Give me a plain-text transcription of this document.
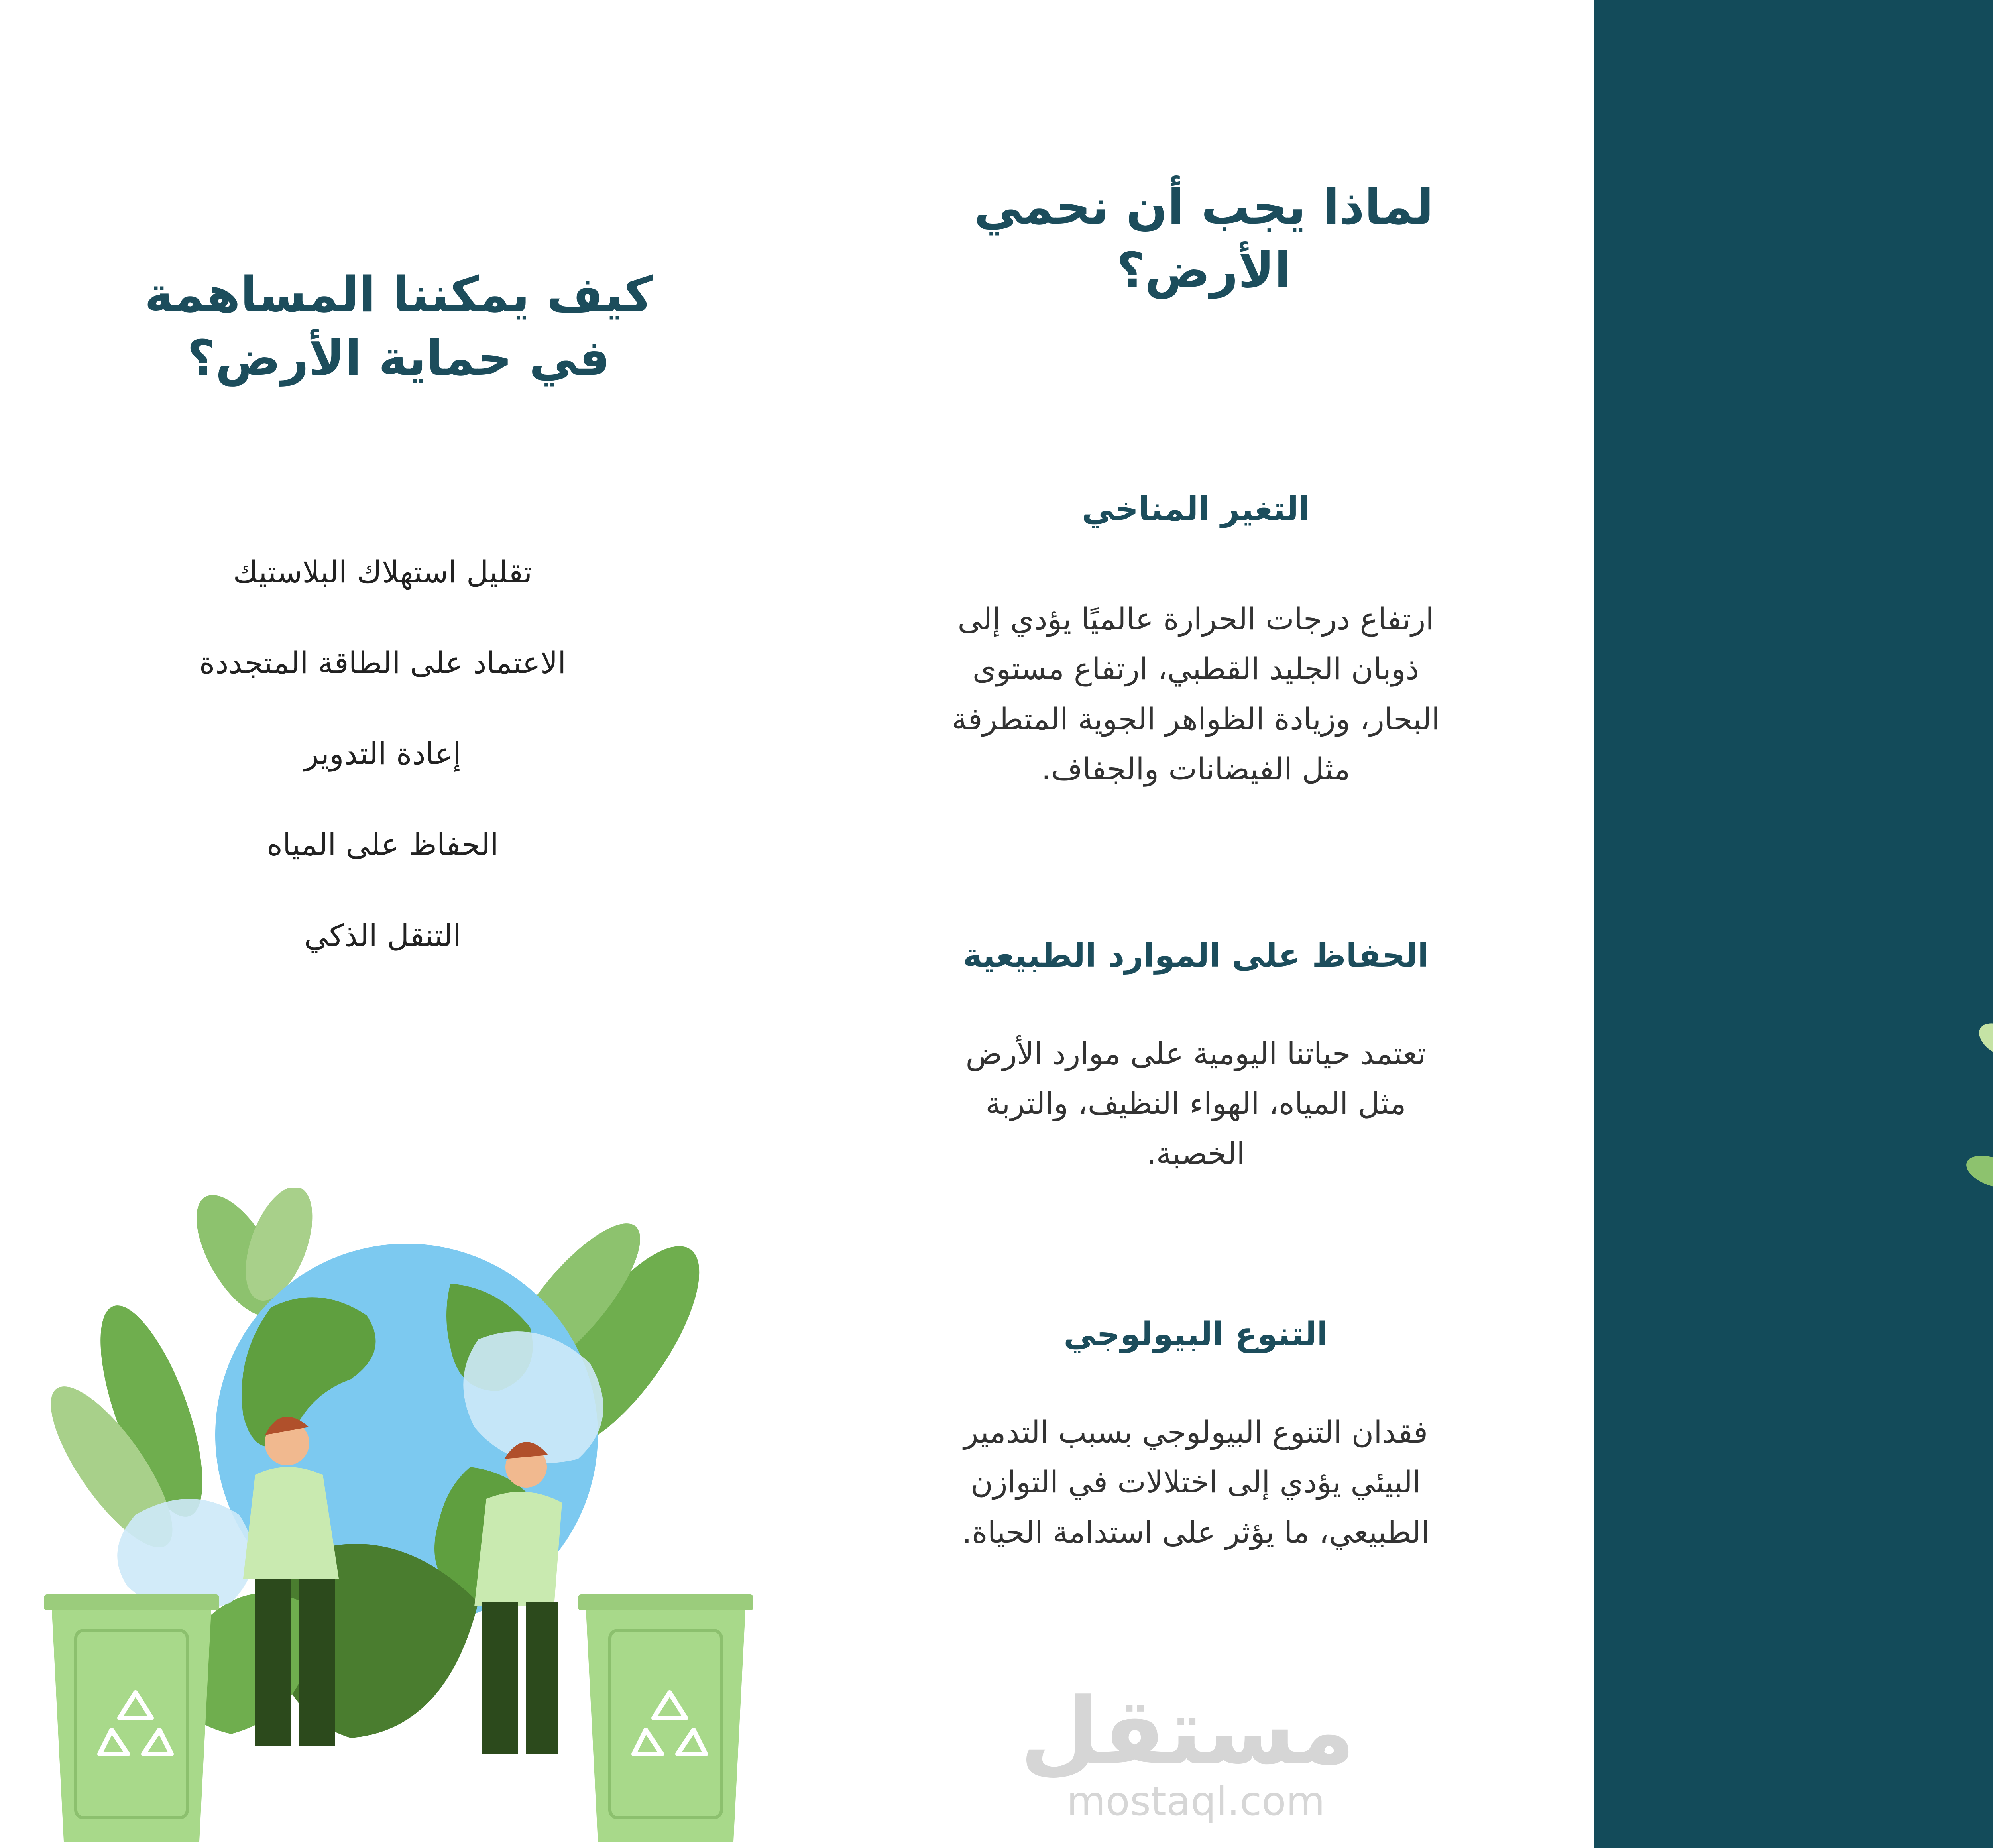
كيف يمكننا المساهمة في حماية الأرض؟
تقليل استهلاك البلاستيك
الاعتماد على الطاقة المتجددة
إعادة التدوير
الحفاظ على المياه
التنقل الذكي
لماذا يجب أن نحمي الأرض؟
التغير المناخي

ارتفاع درجات الحرارة عالميًا يؤدي إلى ذوبان الجليد القطبي، ارتفاع مستوى البحار، وزيادة الظواهر الجوية المتطرفة مثل الفيضانات والجفاف.

الحفاظ على الموارد الطبيعية

تعتمد حياتنا اليومية على موارد الأرض مثل المياه، الهواء النظيف، والتربة الخصبة.

التنوع البيولوجي

فقدان التنوع البيولوجي بسبب التدمير البيئي يؤدي إلى اختلالات في التوازن الطبيعي، ما يؤثر على استدامة الحياة.

مستقل
mostaql.com
